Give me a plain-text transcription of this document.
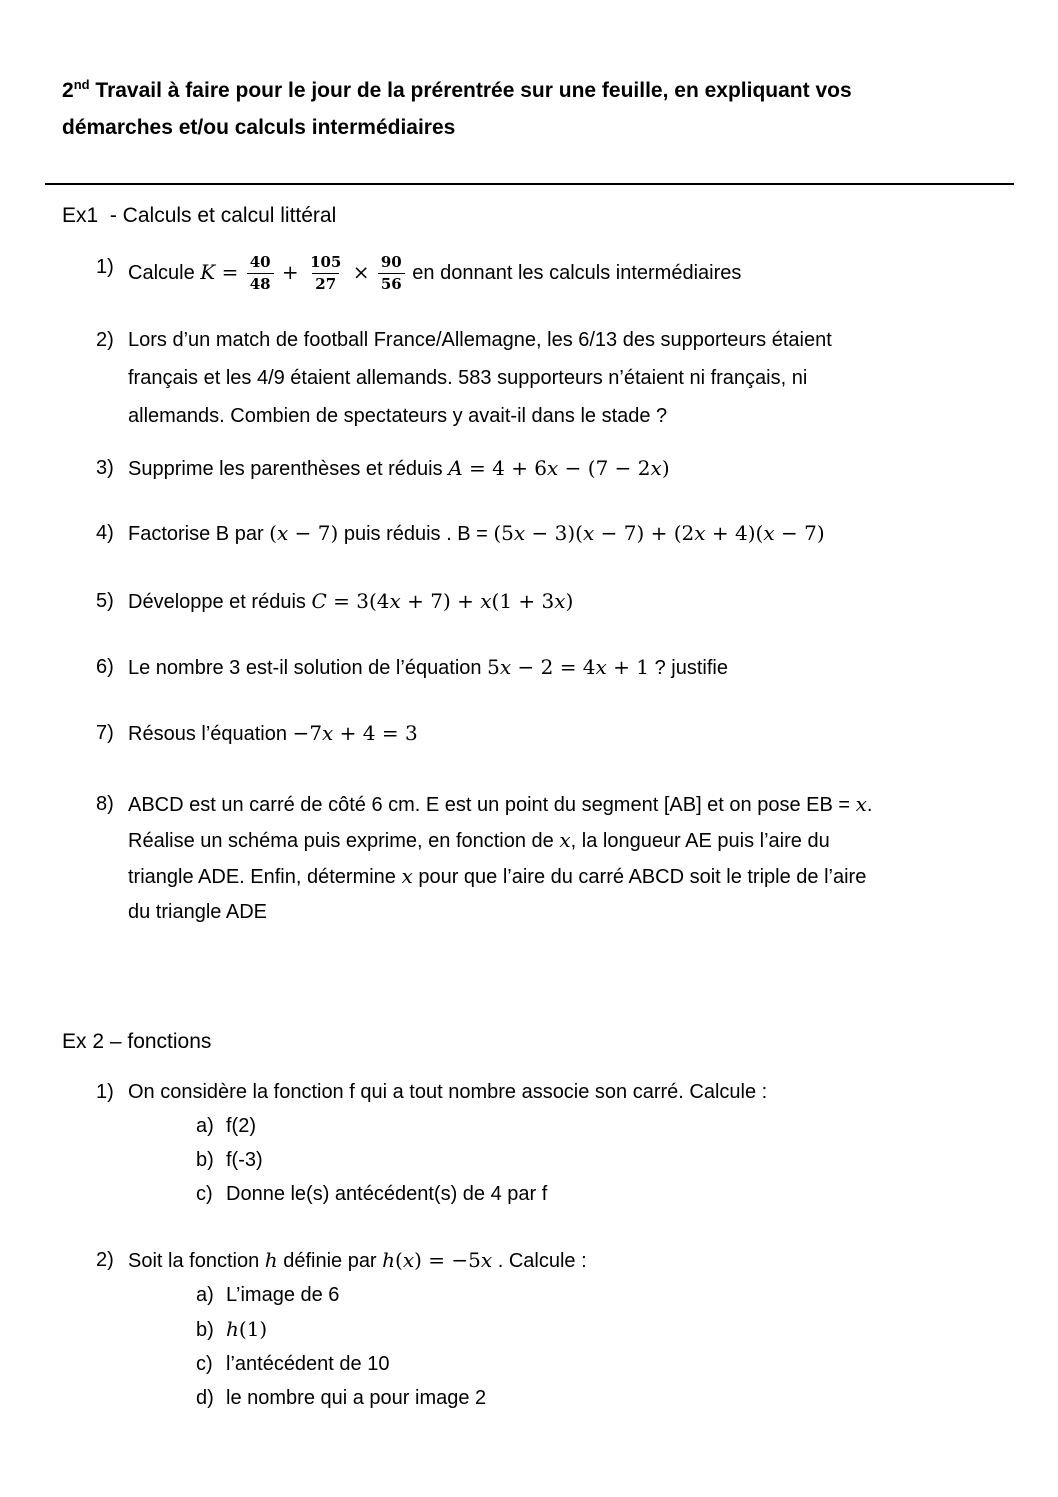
2nd Travail à faire pour le jour de la prérentrée sur une feuille, en expliquant vos
démarches et/ou calculs intermédiaires
Ex1  - Calculs et calcul littéral
1) Calcule $K = \frac{40}{48} + \frac{105}{27} \times \frac{90}{56}$ en donnant les calculs intermédiaires
2) Lors d’un match de football France/Allemagne, les 6/13 des supporteurs étaient
français et les 4/9 étaient allemands. 583 supporteurs n’étaient ni français, ni
allemands. Combien de spectateurs y avait-il dans le stade ?
3) Supprime les parenthèses et réduis A = 4 + 6x − (7 − 2x)
4) Factorise B par (x − 7) puis réduis . B = (5x − 3)(x − 7) + (2x + 4)(x − 7)
5) Développe et réduis C = 3(4x + 7) + x(1 + 3x)
6) Le nombre 3 est-il solution de l’équation 5x − 2 = 4x + 1 ? justifie
7) Résous l’équation −7x + 4 = 3
8) ABCD est un carré de côté 6 cm. E est un point du segment [AB] et on pose EB = x.
Réalise un schéma puis exprime, en fonction de x, la longueur AE puis l’aire du
triangle ADE. Enfin, détermine x pour que l’aire du carré ABCD soit le triple de l’aire
du triangle ADE
Ex 2 – fonctions
1) On considère la fonction f qui a tout nombre associe son carré. Calcule :
a) f(2)
b) f(-3)
c) Donne le(s) antécédent(s) de 4 par f
2) Soit la fonction h définie par h(x) = −5x . Calcule :
a) L’image de 6
b) h(1)
c) l’antécédent de 10
d) le nombre qui a pour image 2
